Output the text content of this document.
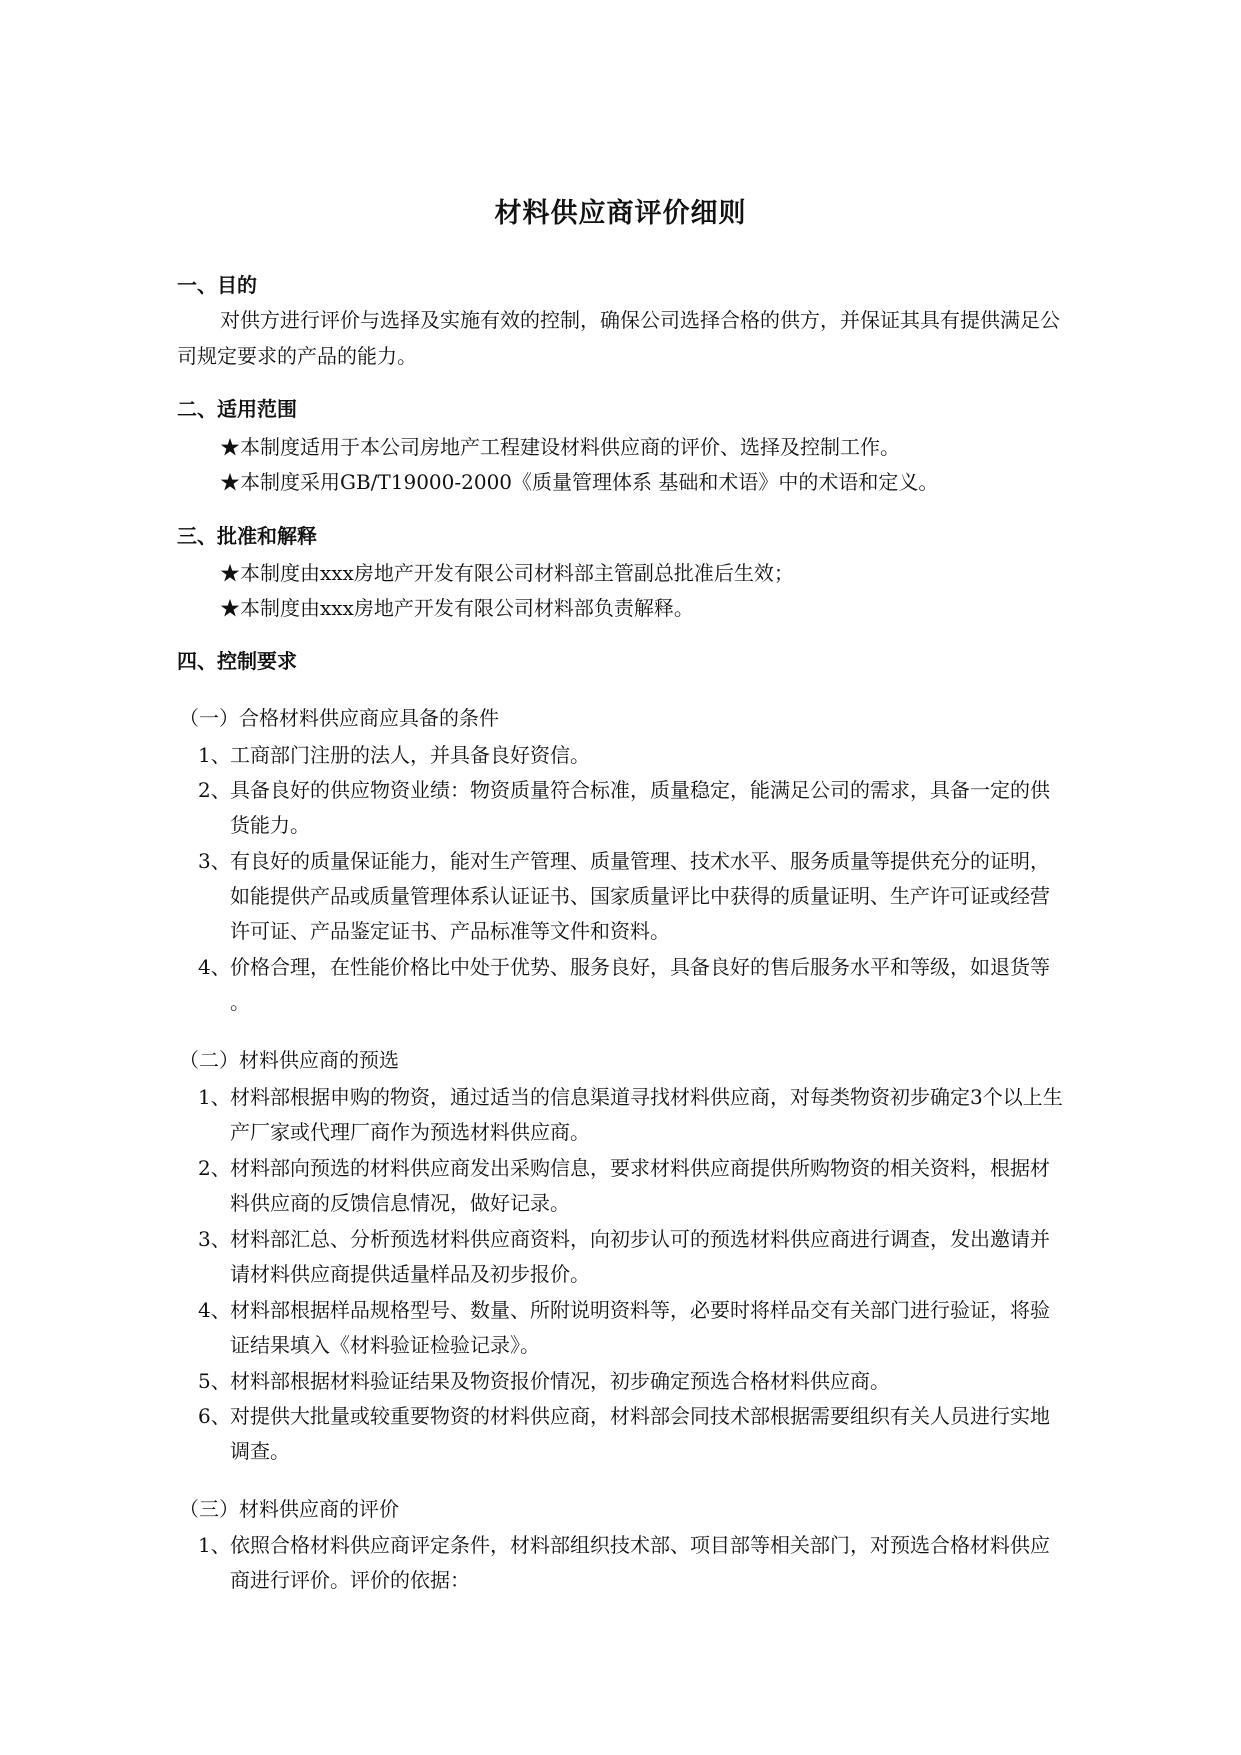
材料供应商评价细则
一、目的
对供方进行评价与选择及实施有效的控制，确保公司选择合格的供方，并保证其具有提供满足公
司规定要求的产品的能力。
二、适用范围
★本制度适用于本公司房地产工程建设材料供应商的评价、选择及控制工作。
★本制度采用GB/T19000-2000《质量管理体系 基础和术语》中的术语和定义。
三、批准和解释
★本制度由xxx房地产开发有限公司材料部主管副总批准后生效；
★本制度由xxx房地产开发有限公司材料部负责解释。
四、控制要求
（一）合格材料供应商应具备的条件
1、 工商部门注册的法人，并具备良好资信。
2、 具备良好的供应物资业绩：物资质量符合标准，质量稳定，能满足公司的需求，具备一定的供
货能力。
3、 有良好的质量保证能力，能对生产管理、质量管理、技术水平、服务质量等提供充分的证明，
如能提供产品或质量管理体系认证证书、国家质量评比中获得的质量证明、生产许可证或经营
许可证、产品鉴定证书、产品标准等文件和资料。
4、 价格合理，在性能价格比中处于优势、服务良好，具备良好的售后服务水平和等级，如退货等
。
（二）材料供应商的预选
1、 材料部根据申购的物资，通过适当的信息渠道寻找材料供应商，对每类物资初步确定3个以上生
产厂家或代理厂商作为预选材料供应商。
2、 材料部向预选的材料供应商发出采购信息，要求材料供应商提供所购物资的相关资料，根据材
料供应商的反馈信息情况，做好记录。
3、 材料部汇总、分析预选材料供应商资料，向初步认可的预选材料供应商进行调查，发出邀请并
请材料供应商提供适量样品及初步报价。
4、 材料部根据样品规格型号、数量、所附说明资料等，必要时将样品交有关部门进行验证，将验
证结果填入《材料验证检验记录》。
5、 材料部根据材料验证结果及物资报价情况，初步确定预选合格材料供应商。
6、 对提供大批量或较重要物资的材料供应商，材料部会同技术部根据需要组织有关人员进行实地
调查。
（三）材料供应商的评价
1、 依照合格材料供应商评定条件，材料部组织技术部、项目部等相关部门，对预选合格材料供应
商进行评价。评价的依据：
